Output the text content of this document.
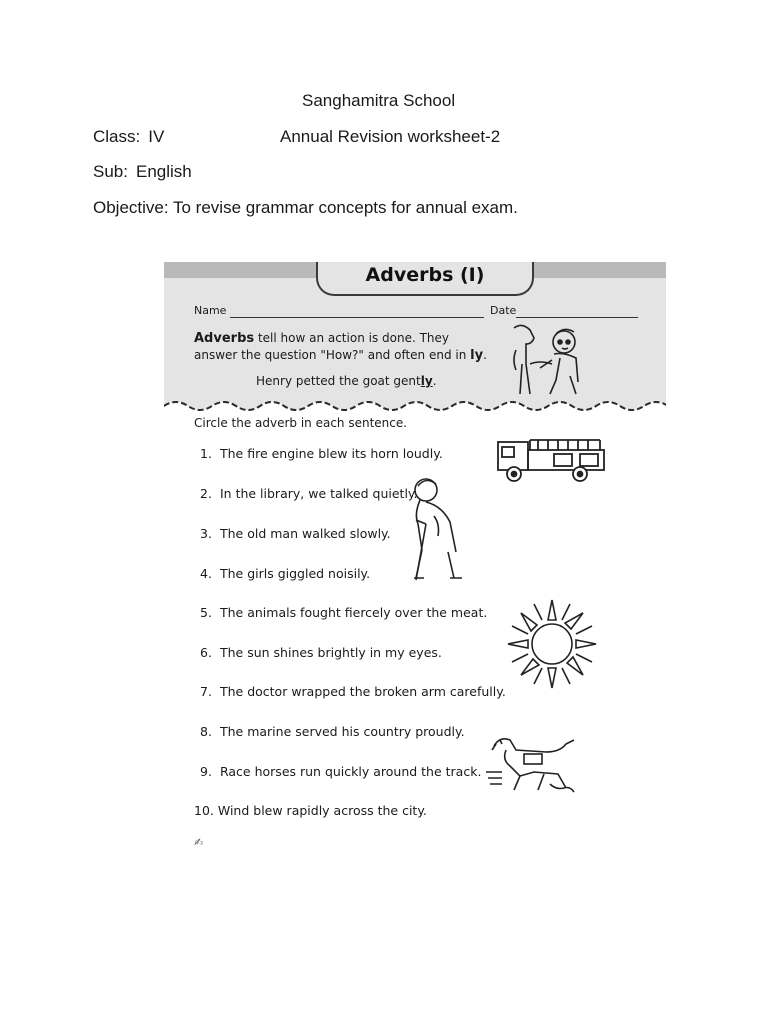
Sanghamitra School
Class: IV	Annual Revision worksheet-2
Sub: English
Objective: To revise grammar concepts for annual exam.
Adverbs (I)
Name	Date
Adverbs tell how an action is done. They answer the question "How?" and often end in ly.
Henry petted the goat gently.
Circle the adverb in each sentence.
1. The fire engine blew its horn loudly.
2. In the library, we talked quietly.
3. The old man walked slowly.
4. The girls giggled noisily.
5. The animals fought fiercely over the meat.
6. The sun shines brightly in my eyes.
7. The doctor wrapped the broken arm carefully.
8. The marine served his country proudly.
9. Race horses run quickly around the track.
10. Wind blew rapidly across the city.
✍
